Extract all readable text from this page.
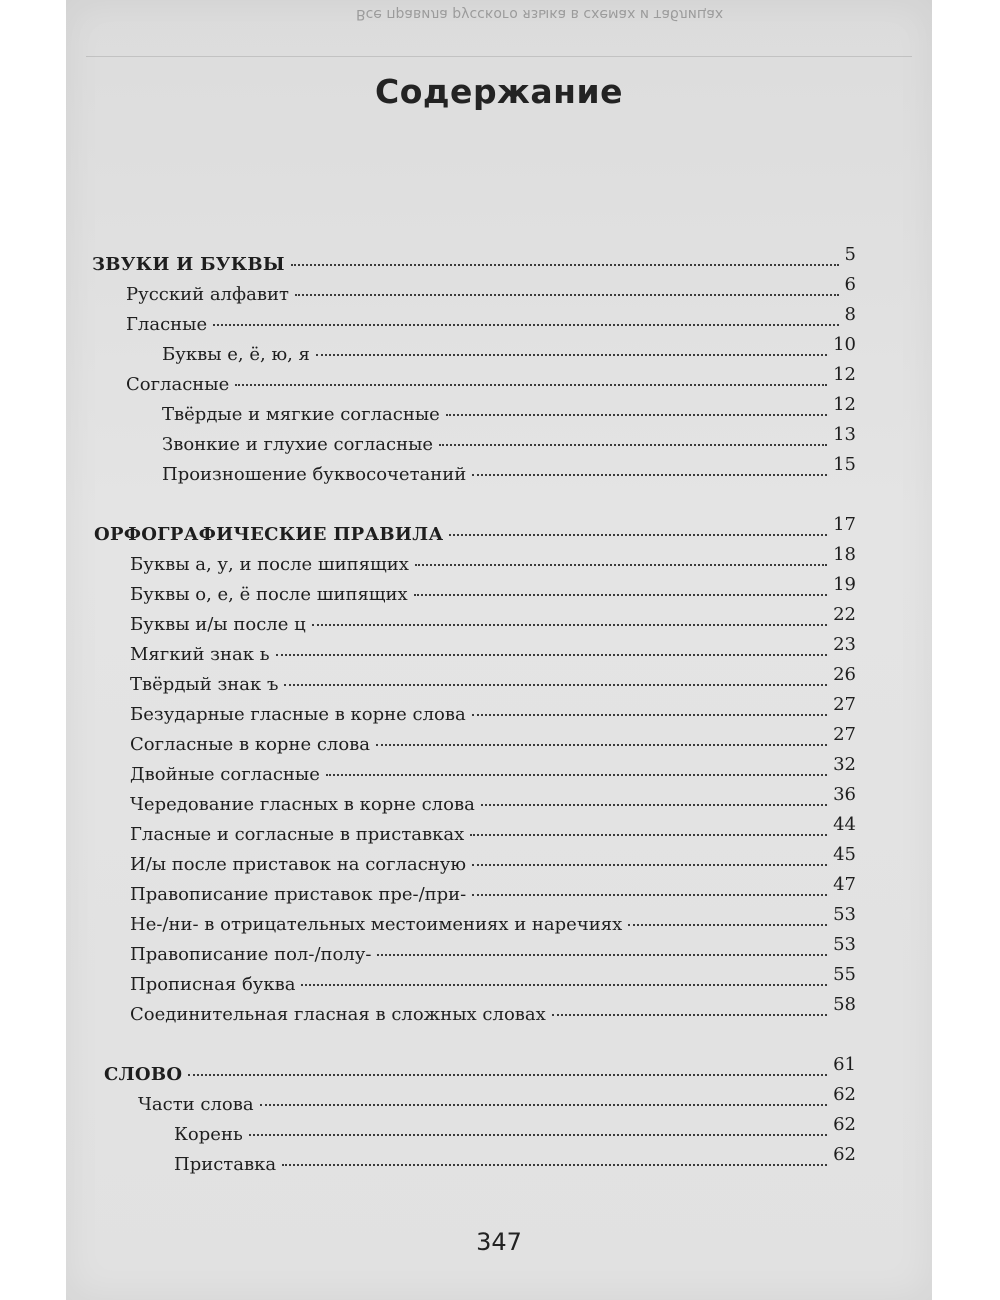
Все правила русского языка в схемах и таблицах
Содержание
ЗВУКИ И БУКВЫ	5
Русский алфавит	6
Гласные	8
Буквы е, ё, ю, я	10
Согласные	12
Твёрдые и мягкие согласные	12
Звонкие и глухие согласные	13
Произношение буквосочетаний	15
ОРФОГРАФИЧЕСКИЕ ПРАВИЛА	17
Буквы а, у, и после шипящих	18
Буквы о, е, ё после шипящих	19
Буквы и/ы после ц	22
Мягкий знак ь	23
Твёрдый знак ъ	26
Безударные гласные в корне слова	27
Согласные в корне слова	27
Двойные согласные	32
Чередование гласных в корне слова	36
Гласные и согласные в приставках	44
И/ы после приставок на согласную	45
Правописание приставок пре-/при-	47
Не-/ни- в отрицательных местоимениях и наречиях	53
Правописание пол-/полу-	53
Прописная буква	55
Соединительная гласная в сложных словах	58
СЛОВО	61
Части слова	62
Корень	62
Приставка	62
347
